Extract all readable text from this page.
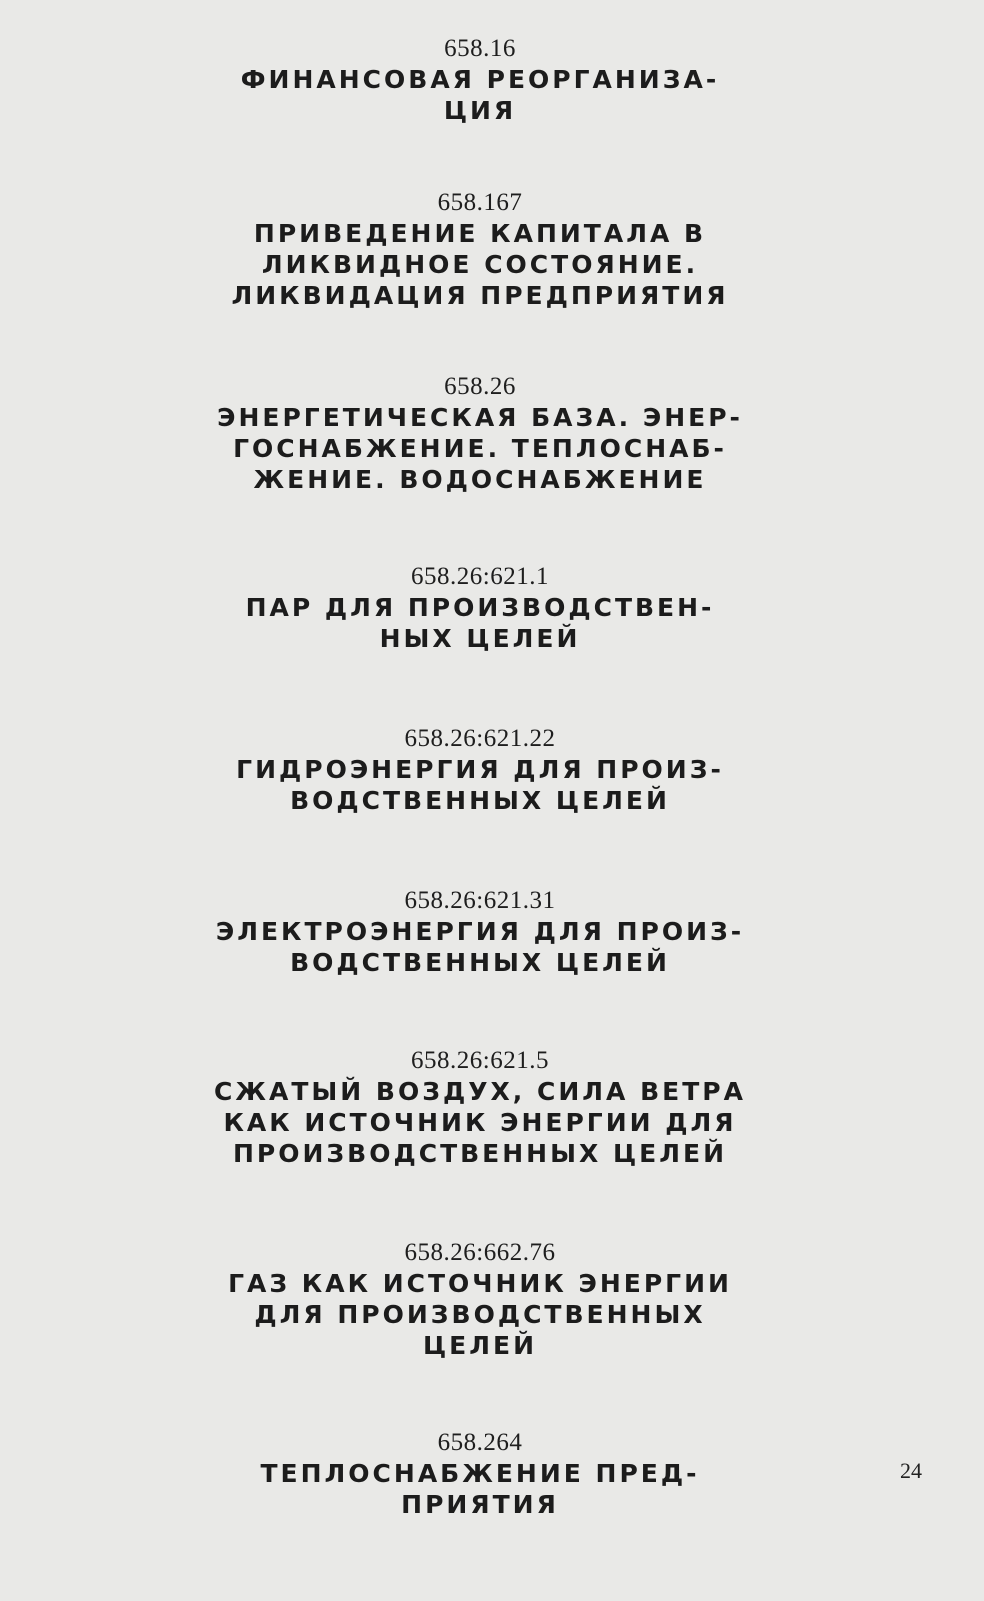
658.16
ФИНАНСОВАЯ РЕОРГАНИЗА-
ЦИЯ
658.167
ПРИВЕДЕНИЕ КАПИТАЛА В
ЛИКВИДНОЕ СОСТОЯНИЕ.
ЛИКВИДАЦИЯ ПРЕДПРИЯТИЯ
658.26
ЭНЕРГЕТИЧЕСКАЯ БАЗА. ЭНЕР-
ГОСНАБЖЕНИЕ. ТЕПЛОСНАБ-
ЖЕНИЕ. ВОДОСНАБЖЕНИЕ
658.26:621.1
ПАР ДЛЯ ПРОИЗВОДСТВЕН-
НЫХ ЦЕЛЕЙ
658.26:621.22
ГИДРОЭНЕРГИЯ ДЛЯ ПРОИЗ-
ВОДСТВЕННЫХ ЦЕЛЕЙ
658.26:621.31
ЭЛЕКТРОЭНЕРГИЯ ДЛЯ ПРОИЗ-
ВОДСТВЕННЫХ ЦЕЛЕЙ
658.26:621.5
СЖАТЫЙ ВОЗДУХ, СИЛА ВЕТРА
КАК ИСТОЧНИК ЭНЕРГИИ ДЛЯ
ПРОИЗВОДСТВЕННЫХ ЦЕЛЕЙ
658.26:662.76
ГАЗ КАК ИСТОЧНИК ЭНЕРГИИ
ДЛЯ ПРОИЗВОДСТВЕННЫХ
ЦЕЛЕЙ
658.264
ТЕПЛОСНАБЖЕНИЕ ПРЕД-
ПРИЯТИЯ
24
